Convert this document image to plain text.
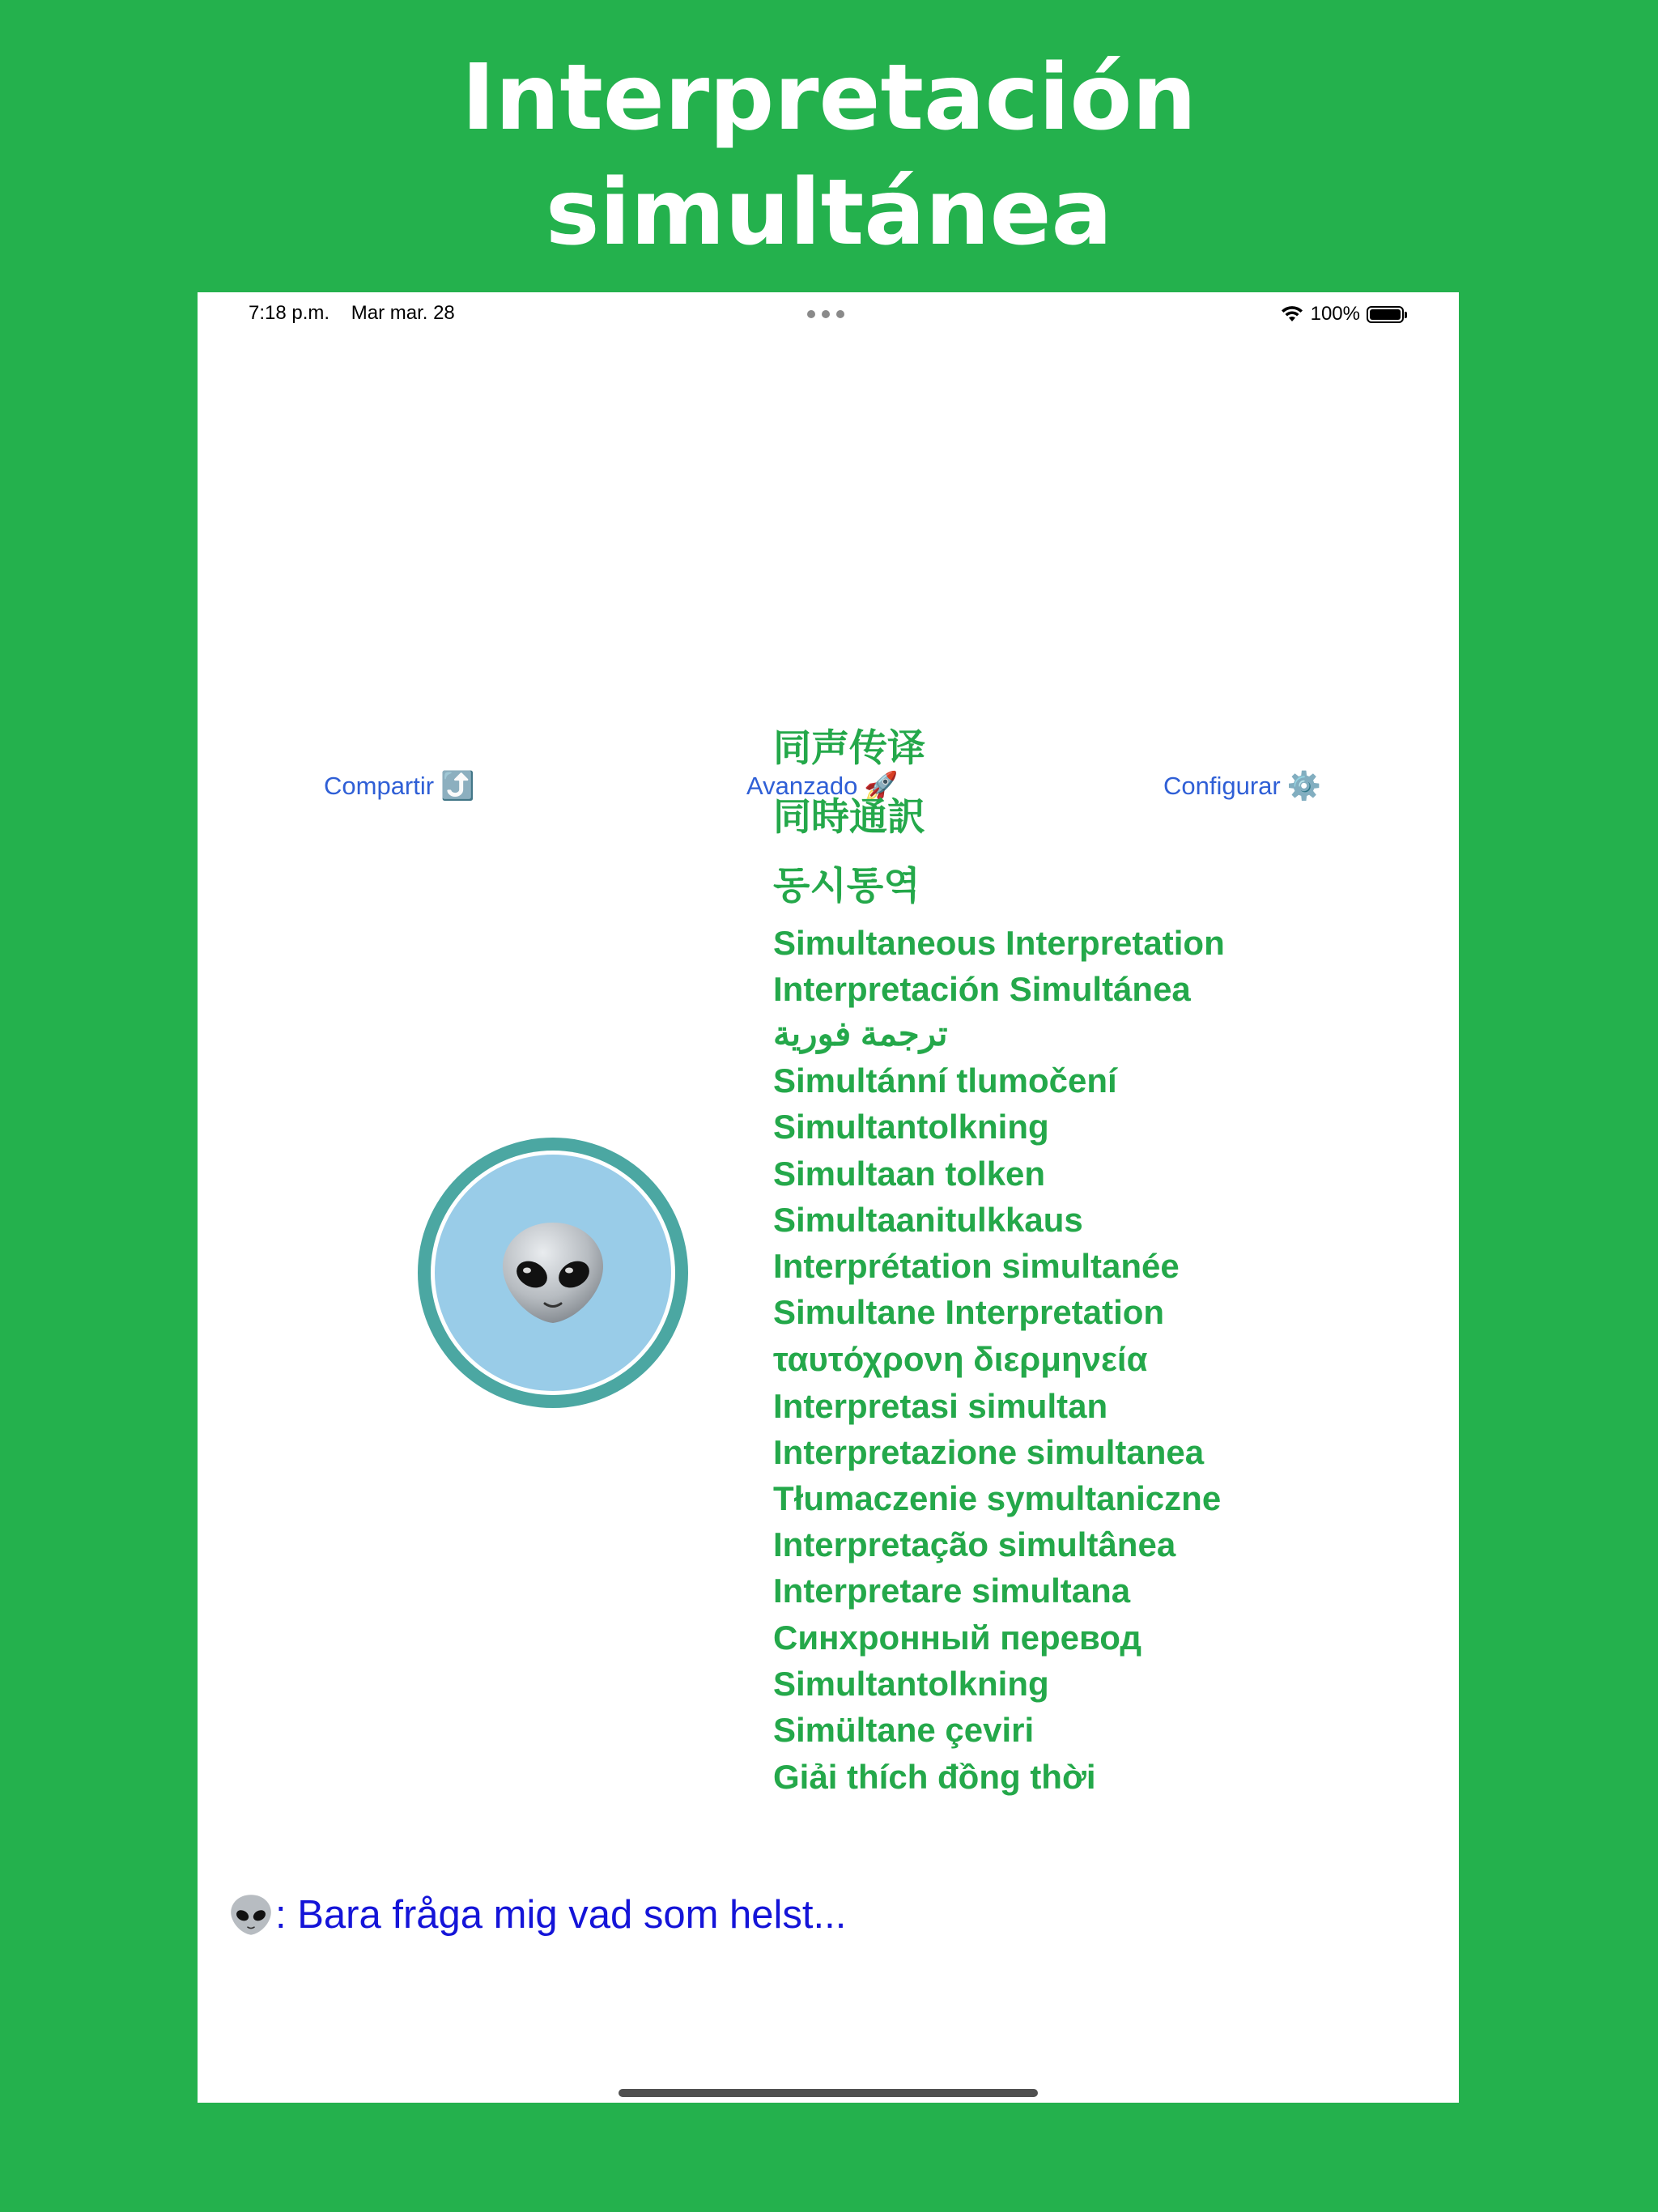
Interpretación
simultánea
7:18 p.m. Mar mar. 28	100%
Compartir ⤴️	Avanzado 🚀	Configurar ⚙️
同声传译
同時通訳
동시통역
Simultaneous Interpretation
Interpretación Simultánea
ترجمة فورية
Simultánní tlumočení
Simultantolkning
Simultaan tolken
Simultaanitulkkaus
Interprétation simultanée
Simultane Interpretation
ταυτόχρονη διερμηνεία
Interpretasi simultan
Interpretazione simultanea
Tłumaczenie symultaniczne
Interpretação simultânea
Interpretare simultana
Синхронный перевод
Simultantolkning
Simültane çeviri
Giải thích đồng thời
: Bara fråga mig vad som helst...
